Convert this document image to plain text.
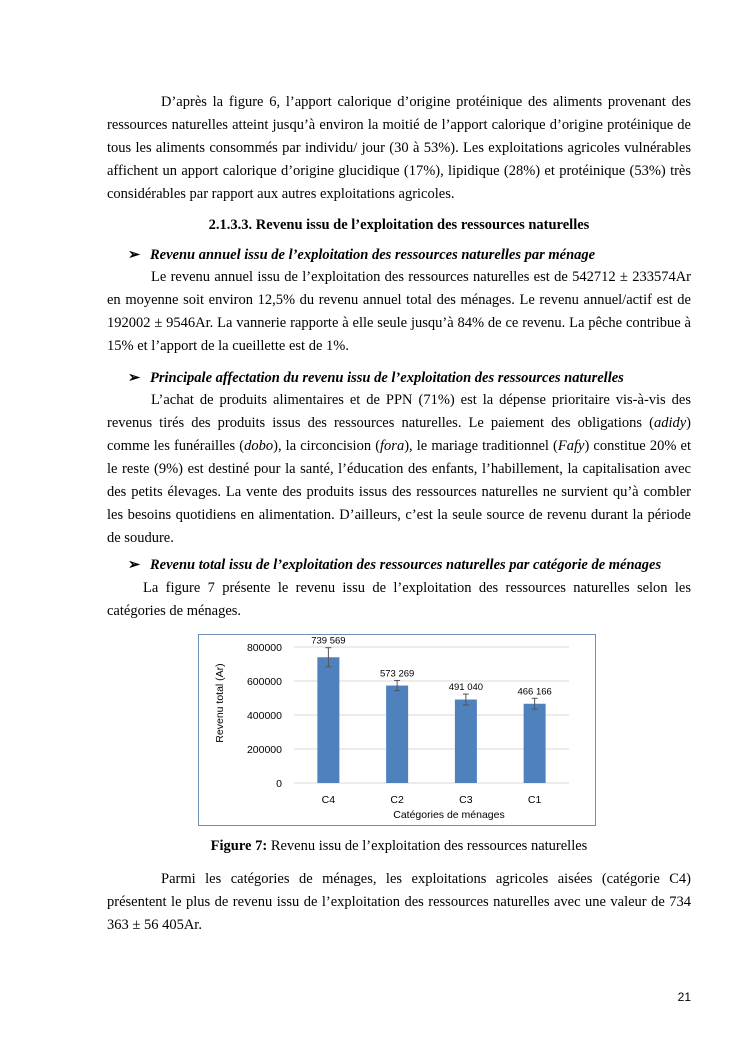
D’après la figure 6, l’apport calorique d’origine protéinique des aliments provenant des ressources naturelles atteint jusqu’à environ la moitié de l’apport calorique d’origine protéinique de tous les aliments consommés par individu/ jour (30 à 53%). Les exploitations agricoles vulnérables affichent un apport calorique d’origine glucidique (17%), lipidique (28%) et protéinique (53%) très considérables par rapport aux autres exploitations agricoles.

2.1.3.3. Revenu issu de l’exploitation des ressources naturelles

➢ Revenu annuel issu de l’exploitation des ressources naturelles par ménage

Le revenu annuel issu de l’exploitation des ressources naturelles est de 542712 ± 233574Ar en moyenne soit environ 12,5% du revenu annuel total des ménages. Le revenu annuel/actif est de 192002 ± 9546Ar. La vannerie rapporte à elle seule jusqu’à 84% de ce revenu. La pêche contribue à 15% et l’apport de la cueillette est de 1%.

➢ Principale affectation du revenu issu de l’exploitation des ressources naturelles

L’achat de produits alimentaires et de PPN (71%) est la dépense prioritaire vis-à-vis des revenus tirés des produits issus des ressources naturelles. Le paiement des obligations (adidy) comme les funérailles (dobo), la circoncision (fora), le mariage traditionnel (Fafy) constitue 20% et le reste (9%) est destiné pour la santé, l’éducation des enfants, l’habillement, la capitalisation avec des petits élevages. La vente des produits issus des ressources naturelles ne survient qu’à combler les besoins quotidiens en alimentation. D’ailleurs, c’est la seule source de revenu durant la période de soudure.

➢ Revenu total issu de l’exploitation des ressources naturelles par catégorie de ménages

La figure 7 présente le revenu issu de l’exploitation des ressources naturelles selon les catégories de ménages.

0
200000
400000
600000
800000
739 569
C4
573 269
C2
491 040
C3
466 166
C1
Revenu total (Ar)
Catégories de ménages

Figure 7: Revenu issu de l’exploitation des ressources naturelles

Parmi les catégories de ménages, les exploitations agricoles aisées (catégorie C4) présentent le plus de revenu issu de l’exploitation des ressources naturelles avec une valeur de 734 363 ± 56 405Ar.

21
